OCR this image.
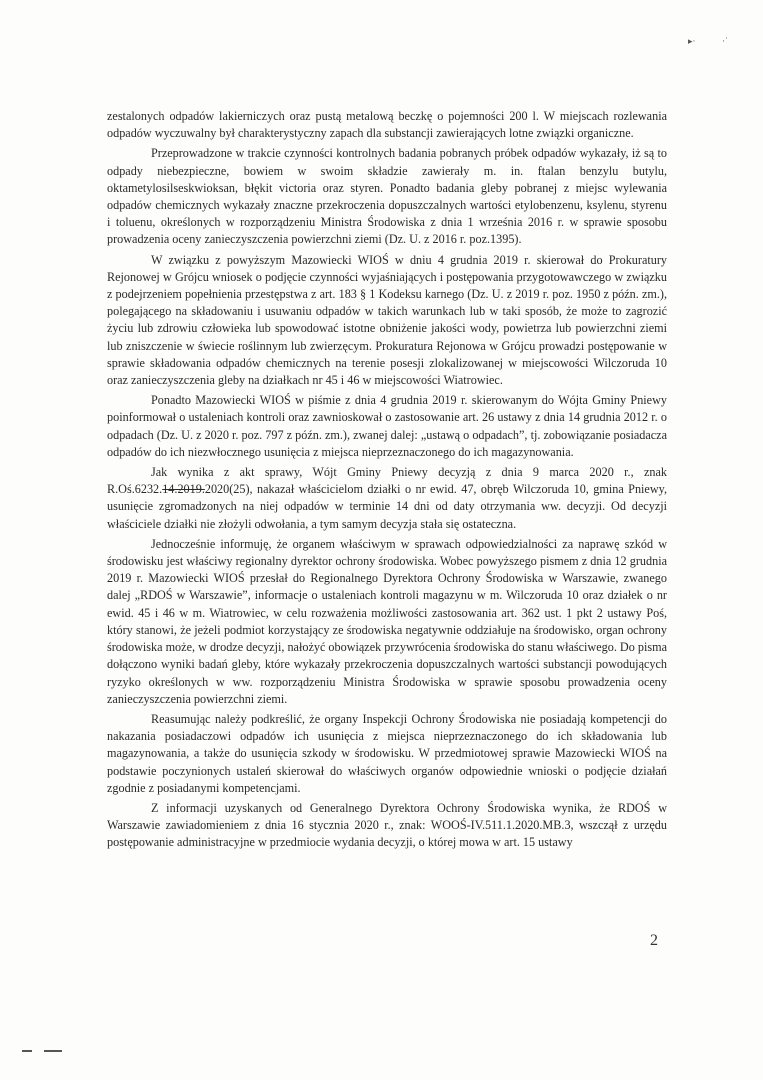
▸·	·˙

zestalonych odpadów lakierniczych oraz pustą metalową beczkę o pojemności 200 l. W miejscach rozlewania odpadów wyczuwalny był charakterystyczny zapach dla substancji zawierających lotne związki organiczne.

Przeprowadzone w trakcie czynności kontrolnych badania pobranych próbek odpadów wykazały, iż są to odpady niebezpieczne, bowiem w swoim składzie zawierały m. in. ftalan benzylu butylu, oktametylosilseskwioksan, błękit victoria oraz styren. Ponadto badania gleby pobranej z miejsc wylewania odpadów chemicznych wykazały znaczne przekroczenia dopuszczalnych wartości etylobenzenu, ksylenu, styrenu i toluenu, określonych w rozporządzeniu Ministra Środowiska z dnia 1 września 2016 r. w sprawie sposobu prowadzenia oceny zanieczyszczenia powierzchni ziemi (Dz. U. z 2016 r. poz.1395).

W związku z powyższym Mazowiecki WIOŚ w dniu 4 grudnia 2019 r. skierował do Prokuratury Rejonowej w Grójcu wniosek o podjęcie czynności wyjaśniających i postępowania przygotowawczego w związku z podejrzeniem popełnienia przestępstwa z art. 183 § 1 Kodeksu karnego (Dz. U. z 2019 r. poz. 1950 z późn. zm.), polegającego na składowaniu i usuwaniu odpadów w takich warunkach lub w taki sposób, że może to zagrozić życiu lub zdrowiu człowieka lub spowodować istotne obniżenie jakości wody, powietrza lub powierzchni ziemi lub zniszczenie w świecie roślinnym lub zwierzęcym. Prokuratura Rejonowa w Grójcu prowadzi postępowanie w sprawie składowania odpadów chemicznych na terenie posesji zlokalizowanej w miejscowości Wilczoruda 10 oraz zanieczyszczenia gleby na działkach nr 45 i 46 w miejscowości Wiatrowiec.

Ponadto Mazowiecki WIOŚ w piśmie z dnia 4 grudnia 2019 r. skierowanym do Wójta Gminy Pniewy poinformował o ustaleniach kontroli oraz zawnioskował o zastosowanie art. 26 ustawy z dnia 14 grudnia 2012 r. o odpadach (Dz. U. z 2020 r. poz. 797 z późn. zm.), zwanej dalej: „ustawą o odpadach”, tj. zobowiązanie posiadacza odpadów do ich niezwłocznego usunięcia z miejsca nieprzeznaczonego do ich magazynowania.

Jak wynika z akt sprawy, Wójt Gminy Pniewy decyzją z dnia 9 marca 2020 r., znak R.Oś.6232.14.2019.2020(25), nakazał właścicielom działki o nr ewid. 47, obręb Wilczoruda 10, gmina Pniewy, usunięcie zgromadzonych na niej odpadów w terminie 14 dni od daty otrzymania ww. decyzji. Od decyzji właściciele działki nie złożyli odwołania, a tym samym decyzja stała się ostateczna.

Jednocześnie informuję, że organem właściwym w sprawach odpowiedzialności za naprawę szkód w środowisku jest właściwy regionalny dyrektor ochrony środowiska. Wobec powyższego pismem z dnia 12 grudnia 2019 r. Mazowiecki WIOŚ przesłał do Regionalnego Dyrektora Ochrony Środowiska w Warszawie, zwanego dalej „RDOŚ w Warszawie”, informacje o ustaleniach kontroli magazynu w m. Wilczoruda 10 oraz działek o nr ewid. 45 i 46 w m. Wiatrowiec, w celu rozważenia możliwości zastosowania art. 362 ust. 1 pkt 2 ustawy Poś, który stanowi, że jeżeli podmiot korzystający ze środowiska negatywnie oddziałuje na środowisko, organ ochrony środowiska może, w drodze decyzji, nałożyć obowiązek przywrócenia środowiska do stanu właściwego. Do pisma dołączono wyniki badań gleby, które wykazały przekroczenia dopuszczalnych wartości substancji powodujących ryzyko określonych w ww. rozporządzeniu Ministra Środowiska w sprawie sposobu prowadzenia oceny zanieczyszczenia powierzchni ziemi.

Reasumując należy podkreślić, że organy Inspekcji Ochrony Środowiska nie posiadają kompetencji do nakazania posiadaczowi odpadów ich usunięcia z miejsca nieprzeznaczonego do ich składowania lub magazynowania, a także do usunięcia szkody w środowisku. W przedmiotowej sprawie Mazowiecki WIOŚ na podstawie poczynionych ustaleń skierował do właściwych organów odpowiednie wnioski o podjęcie działań zgodnie z posiadanymi kompetencjami.

Z informacji uzyskanych od Generalnego Dyrektora Ochrony Środowiska wynika, że RDOŚ w Warszawie zawiadomieniem z dnia 16 stycznia 2020 r., znak: WOOŚ-IV.511.1.2020.MB.3, wszczął z urzędu postępowanie administracyjne w przedmiocie wydania decyzji, o której mowa w art. 15 ustawy

2
